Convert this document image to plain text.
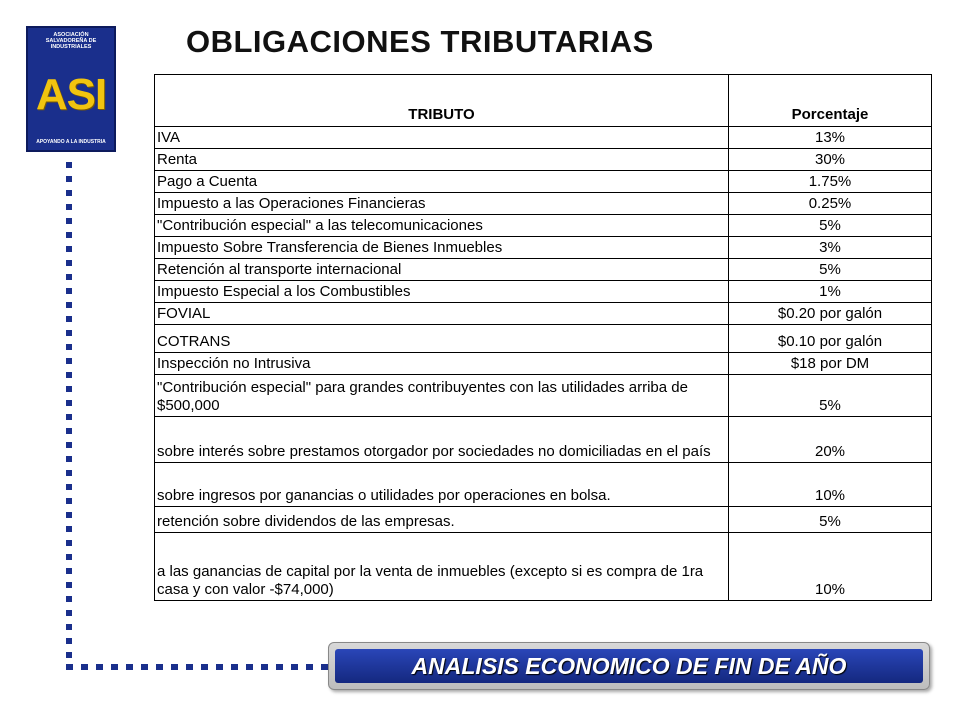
ASOCIACIÓN SALVADOREÑA DE INDUSTRIALES
ASI
APOYANDO A LA INDUSTRIA
OBLIGACIONES TRIBUTARIAS
TRIBUTO	Porcentaje
IVA	13%
Renta	30%
Pago a Cuenta	1.75%
Impuesto a las Operaciones Financieras	0.25%
"Contribución especial" a las telecomunicaciones	5%
Impuesto Sobre Transferencia de Bienes Inmuebles	3%
Retención al transporte internacional	5%
Impuesto Especial a los Combustibles	1%
FOVIAL	$0.20 por galón
COTRANS	$0.10 por galón
Inspección no Intrusiva	$18 por DM
"Contribución especial" para grandes contribuyentes con las utilidades arriba de $500,000	5%
sobre interés sobre prestamos otorgador por sociedades no domiciliadas en el país	20%
sobre ingresos por ganancias o utilidades por operaciones en bolsa.	10%
retención sobre dividendos de las empresas.	5%
a las ganancias de capital por la venta de inmuebles (excepto si es compra de 1ra casa y con valor -$74,000)	10%
ANALISIS ECONOMICO DE FIN DE AÑO
